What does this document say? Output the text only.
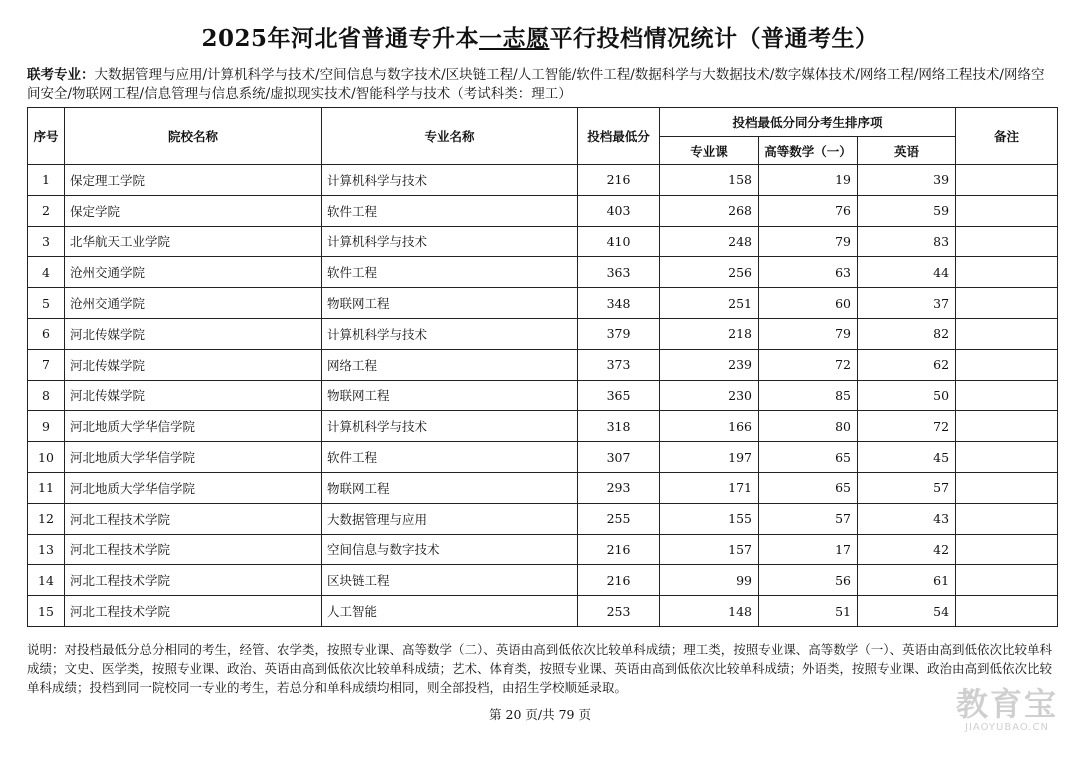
2025年河北省普通专升本一志愿平行投档情况统计（普通考生）
联考专业：大数据管理与应用/计算机科学与技术/空间信息与数字技术/区块链工程/人工智能/软件工程/数据科学与大数据技术/数字媒体技术/网络工程/网络工程技术/网络空间安全/物联网工程/信息管理与信息系统/虚拟现实技术/智能科学与技术（考试科类：理工）
序号	院校名称	专业名称	投档最低分	投档最低分同分考生排序项			备注
				专业课	高等数学（一）	英语	
1	保定理工学院	计算机科学与技术	216	158	19	39	
2	保定学院	软件工程	403	268	76	59	
3	北华航天工业学院	计算机科学与技术	410	248	79	83	
4	沧州交通学院	软件工程	363	256	63	44	
5	沧州交通学院	物联网工程	348	251	60	37	
6	河北传媒学院	计算机科学与技术	379	218	79	82	
7	河北传媒学院	网络工程	373	239	72	62	
8	河北传媒学院	物联网工程	365	230	85	50	
9	河北地质大学华信学院	计算机科学与技术	318	166	80	72	
10	河北地质大学华信学院	软件工程	307	197	65	45	
11	河北地质大学华信学院	物联网工程	293	171	65	57	
12	河北工程技术学院	大数据管理与应用	255	155	57	43	
13	河北工程技术学院	空间信息与数字技术	216	157	17	42	
14	河北工程技术学院	区块链工程	216	99	56	61	
15	河北工程技术学院	人工智能	253	148	51	54	
说明：对投档最低分总分相同的考生，经管、农学类，按照专业课、高等数学（二）、英语由高到低依次比较单科成绩；理工类，按照专业课、高等数学（一）、英语由高到低依次比较单科成绩；文史、医学类，按照专业课、政治、英语由高到低依次比较单科成绩；艺术、体育类，按照专业课、英语由高到低依次比较单科成绩；外语类，按照专业课、政治由高到低依次比较单科成绩；投档到同一院校同一专业的考生，若总分和单科成绩均相同，则全部投档，由招生学校顺延录取。
第 20 页/共 79 页	教育宝
JIAOYUBAO.CN
